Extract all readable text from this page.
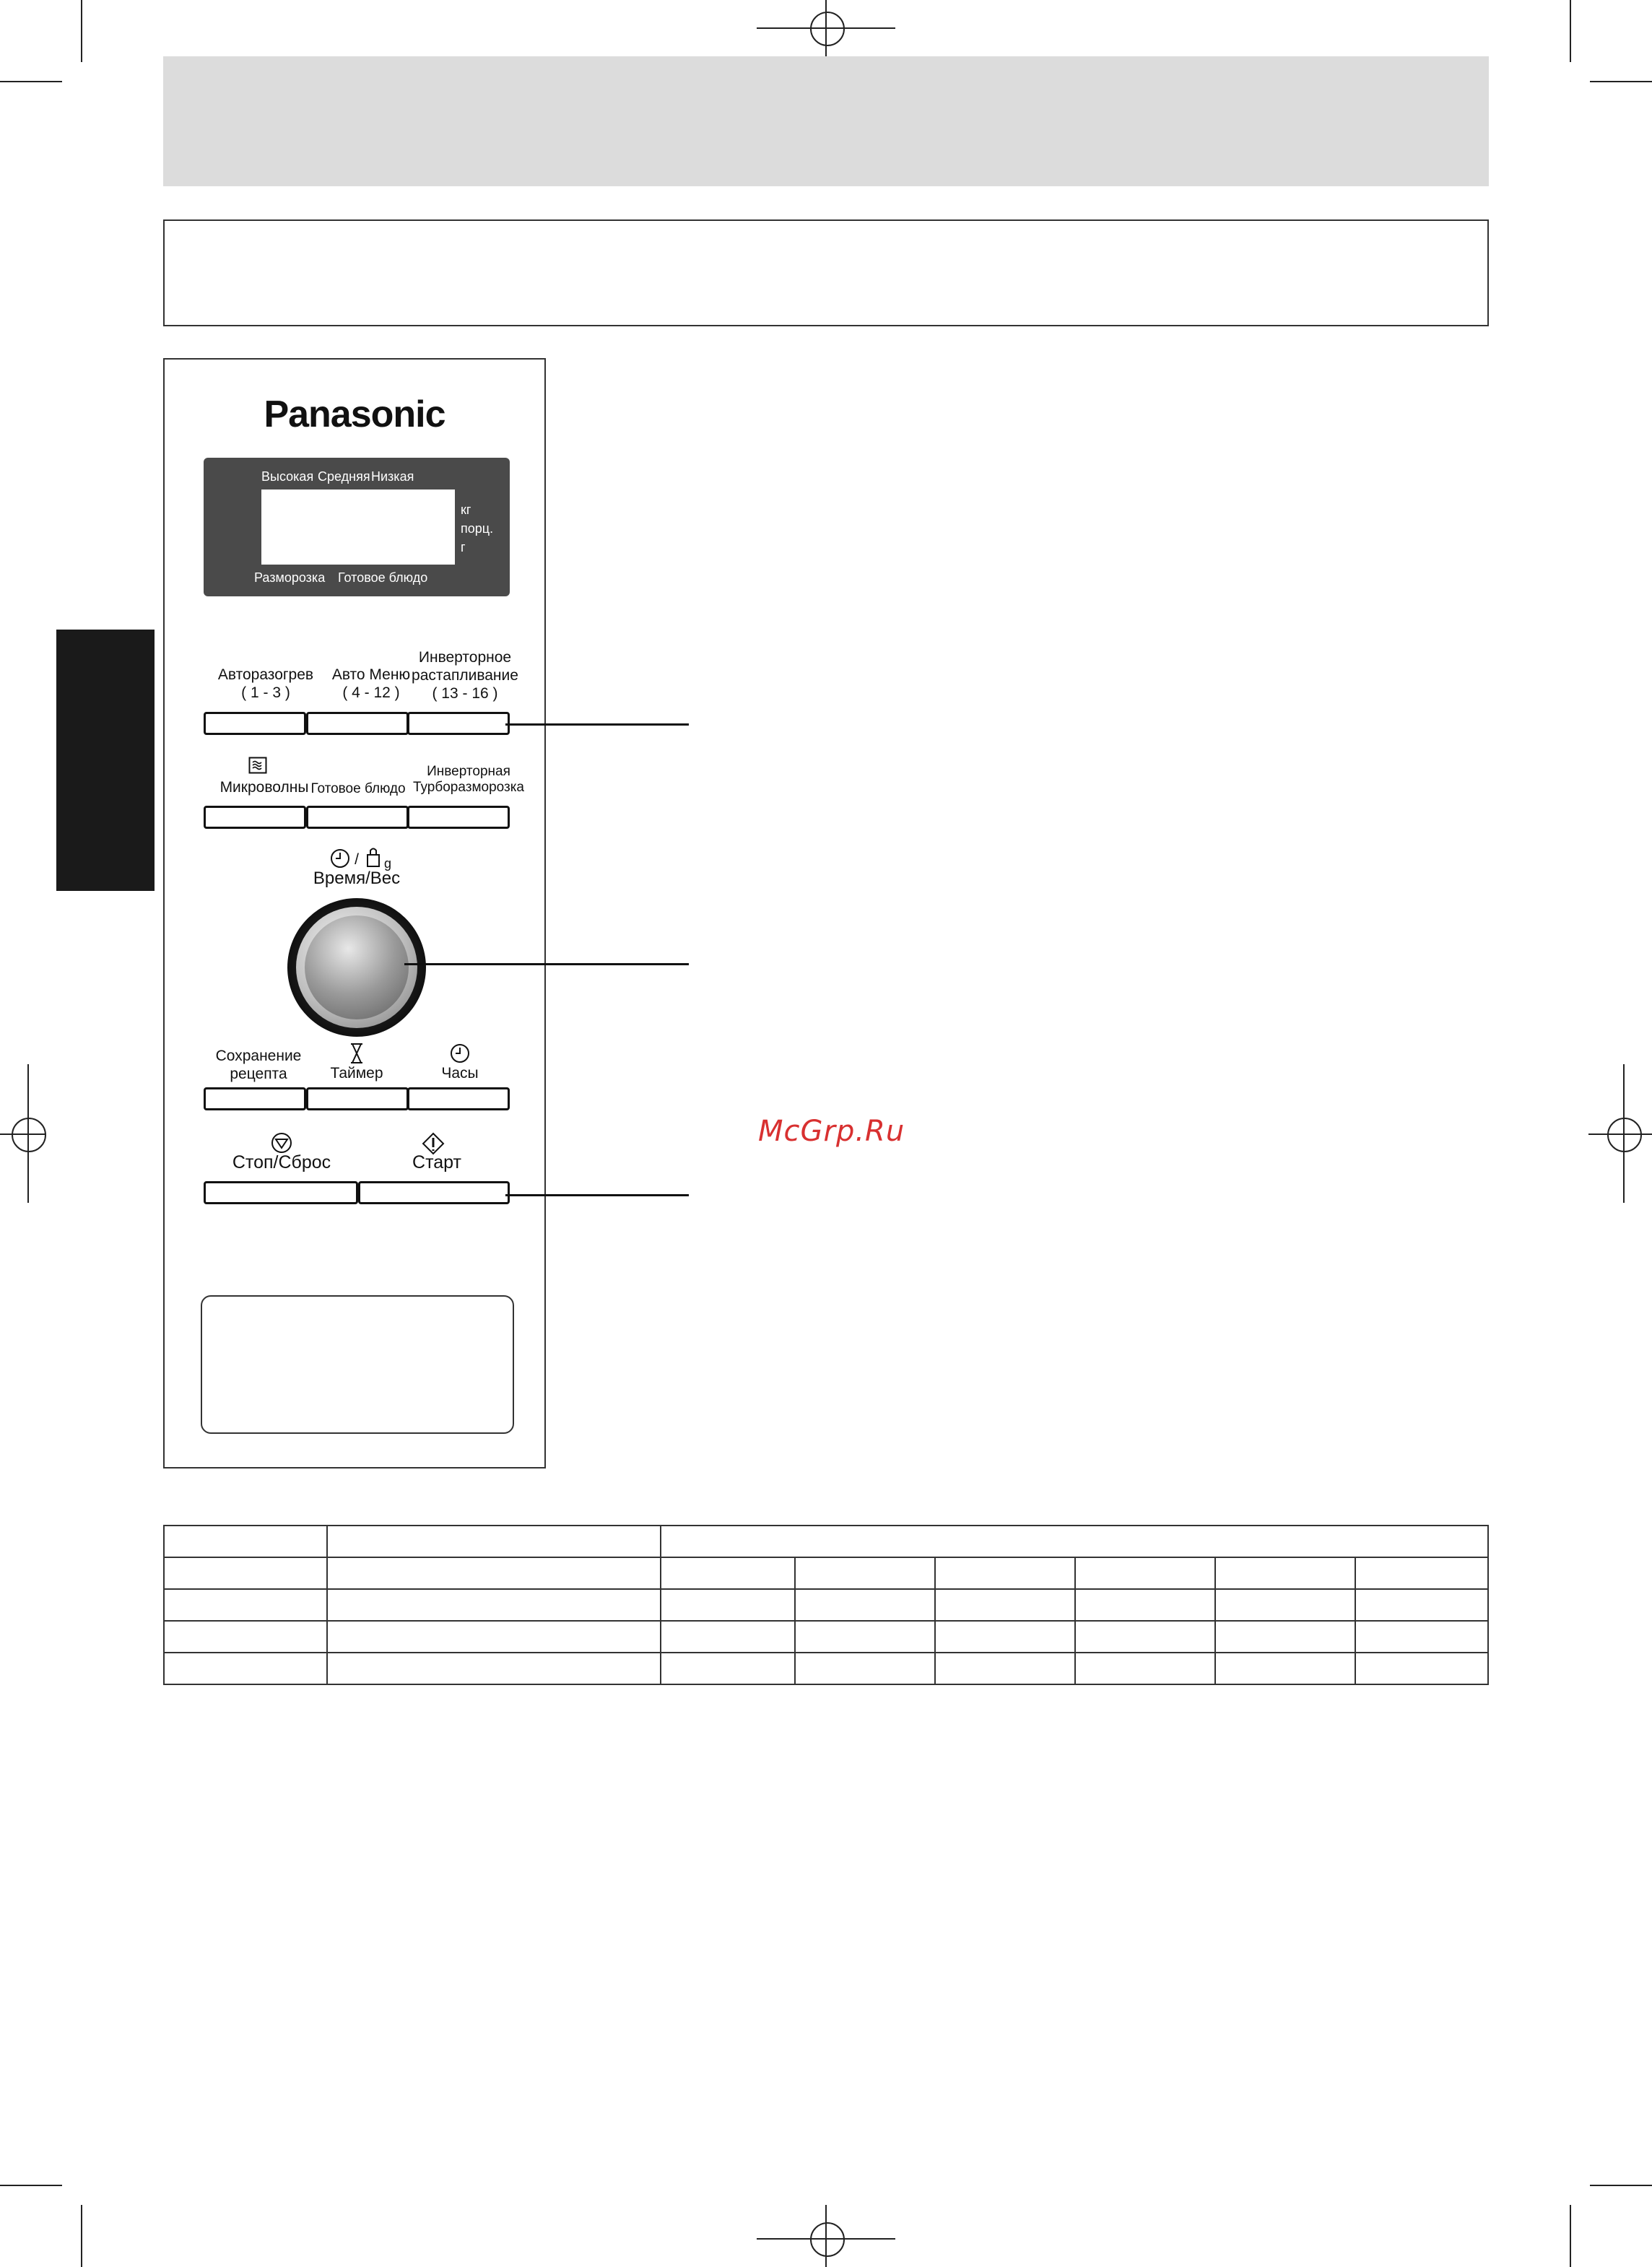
Panasonic
Высокая Средняя Низкая
кг
порц.
г
Разморозка Готовое блюдо
Авторазогрев
( 1 - 3 )
Авто Меню
( 4 - 12 )
Инверторное
растапливание
( 13 - 16 )
Микроволны Готовое блюдо
Инверторная
Турборазморозка
/	g
Время/Вес
Сохранение
рецепта	Таймер	Часы
Стоп/Сброс	Старт
McGrp.Ru
